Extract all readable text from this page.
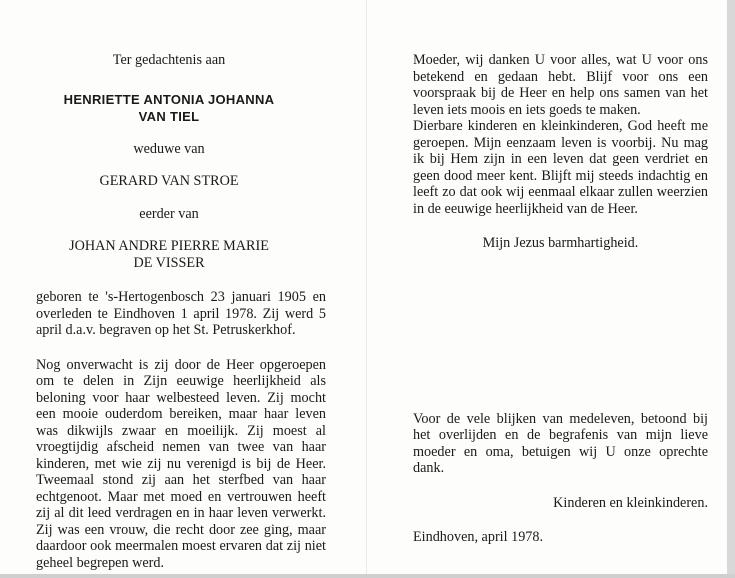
Ter gedachtenis aan
HENRIETTE ANTONIA JOHANNA
VAN TIEL
weduwe van
GERARD VAN STROE
eerder van
JOHAN ANDRE PIERRE MARIE
DE VISSER

geboren te 's-Hertogenbosch 23 januari 1905 en overleden te Eindhoven 1 april 1978. Zij werd 5 april d.a.v. begraven op het St. Petruskerkhof.

Nog onverwacht is zij door de Heer opgeroepen om te delen in Zijn eeuwige heerlijkheid als beloning voor haar welbesteed leven. Zij mocht een mooie ouderdom bereiken, maar haar leven was dikwijls zwaar en moeilijk. Zij moest al vroegtijdig afscheid nemen van twee van haar kinderen, met wie zij nu verenigd is bij de Heer. Tweemaal stond zij aan het sterfbed van haar echtgenoot. Maar met moed en vertrouwen heeft zij al dit leed verdragen en in haar leven verwerkt. Zij was een vrouw, die recht door zee ging, maar daardoor ook meermalen moest ervaren dat zij niet geheel begrepen werd.

Moeder, wij danken U voor alles, wat U voor ons betekend en gedaan hebt. Blijf voor ons een voorspraak bij de Heer en help ons samen van het leven iets moois en iets goeds te maken.

Dierbare kinderen en kleinkinderen, God heeft me geroepen. Mijn eenzaam leven is voorbij. Nu mag ik bij Hem zijn in een leven dat geen verdriet en geen dood meer kent. Blijft mij steeds indachtig en leeft zo dat ook wij eenmaal elkaar zullen weerzien in de eeuwige heerlijkheid van de Heer.

Mijn Jezus barmhartigheid.

Voor de vele blijken van medeleven, betoond bij het overlijden en de begrafenis van mijn lieve moeder en oma, betuigen wij U onze oprechte dank.

Kinderen en kleinkinderen.
Eindhoven, april 1978.
